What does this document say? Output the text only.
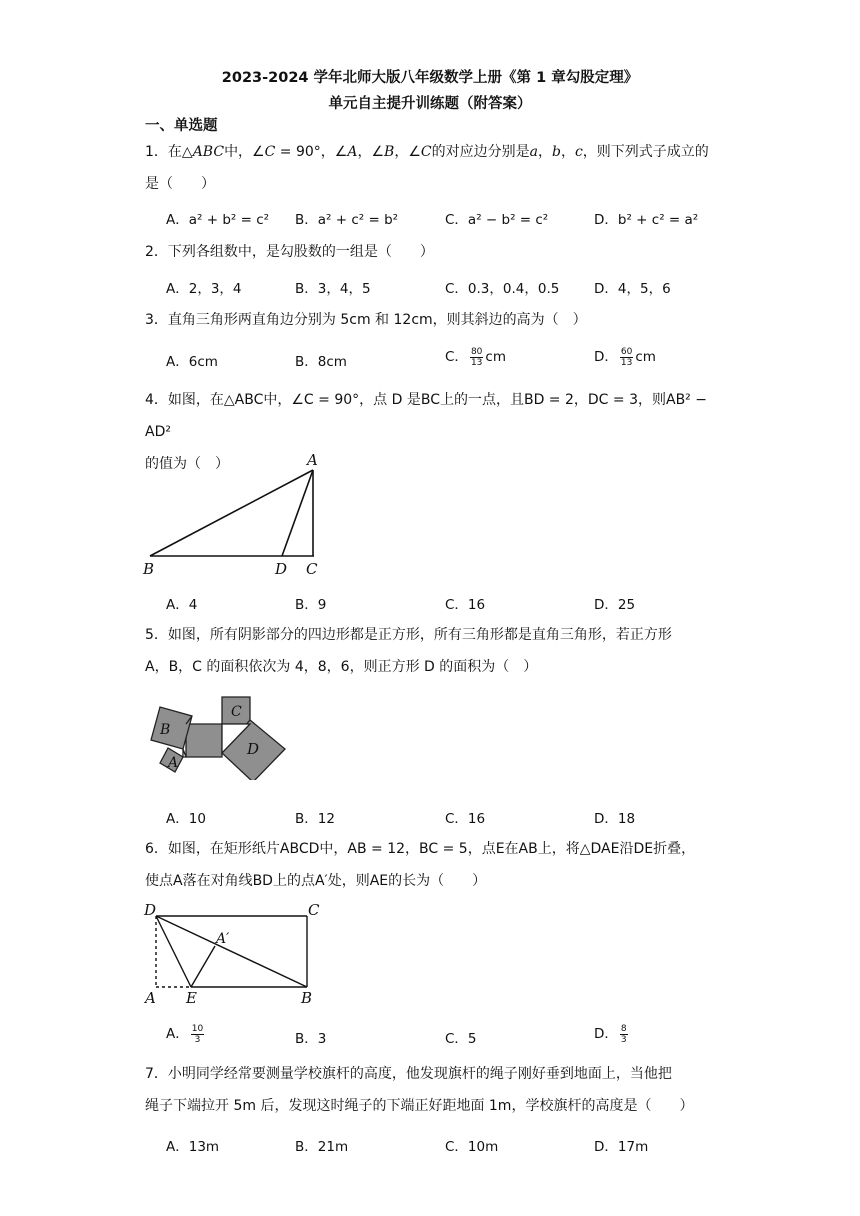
2023-2024 学年北师大版八年级数学上册《第 1 章勾股定理》
单元自主提升训练题（附答案）
一、单选题
1．在△ABC中，∠C = 90°，∠A，∠B，∠C的对应边分别是a，b，c，则下列式子成立的
是（　　）
A．a² + b² = c² B．a² + c² = b²	C．a² − b² = c²	D．b² + c² = a²
2．下列各组数中，是勾股数的一组是（　　）
A．2，3，4	B．3，4，5	C．0.3，0.4，0.5	D．4，5，6
3．直角三角形两直角边分别为 5cm 和 12cm，则其斜边的高为（　）
A．6cm	B．8cm	C． $\frac{80}{13}$ cm	D． $\frac{60}{13}$ cm
4．如图，在△ABC中，∠C = 90°，点 D 是BC上的一点，且BD = 2，DC = 3，则AB² − AD²
的值为（　）	A
B	D C
A．4	B．9	C．16	D．25
5．如图，所有阴影部分的四边形都是正方形，所有三角形都是直角三角形，若正方形
A，B，C 的面积依次为 4，8，6，则正方形 D 的面积为（　）
B
C
D
A
A．10	B．12	C．16	D．18
6．如图，在矩形纸片ABCD中，AB = 12，BC = 5，点E在AB上，将△DAE沿DE折叠，
使点A落在对角线BD上的点A′处，则AE的长为（　　）
D	C
A′
A E	B
A． $\frac{10}{3}$	B．3	C．5	D． $\frac{8}{3}$
7．小明同学经常要测量学校旗杆的高度，他发现旗杆的绳子刚好垂到地面上，当他把
绳子下端拉开 5m 后，发现这时绳子的下端正好距地面 1m，学校旗杆的高度是（　　）
A．13m	B．21m	C．10m	D．17m
